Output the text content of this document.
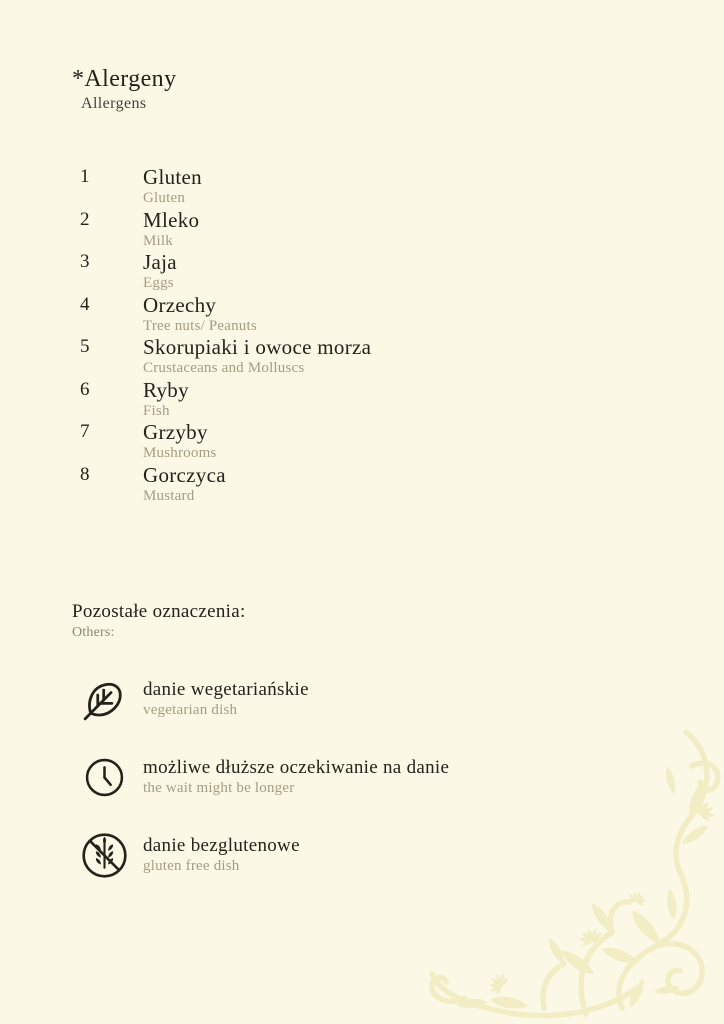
*Alergeny
Allergens
1	Gluten
Gluten
2	Mleko
Milk
3	Jaja
Eggs
4	Orzechy
Tree nuts/ Peanuts
5	Skorupiaki i owoce morza
Crustaceans and Molluscs
6	Ryby
Fish
7	Grzyby
Mushrooms
8	Gorczyca
Mustard
Pozostałe oznaczenia:
Others:
danie wegetariańskie
vegetarian dish
możliwe dłuższe oczekiwanie na danie
the wait might be longer
danie bezglutenowe
gluten free dish
